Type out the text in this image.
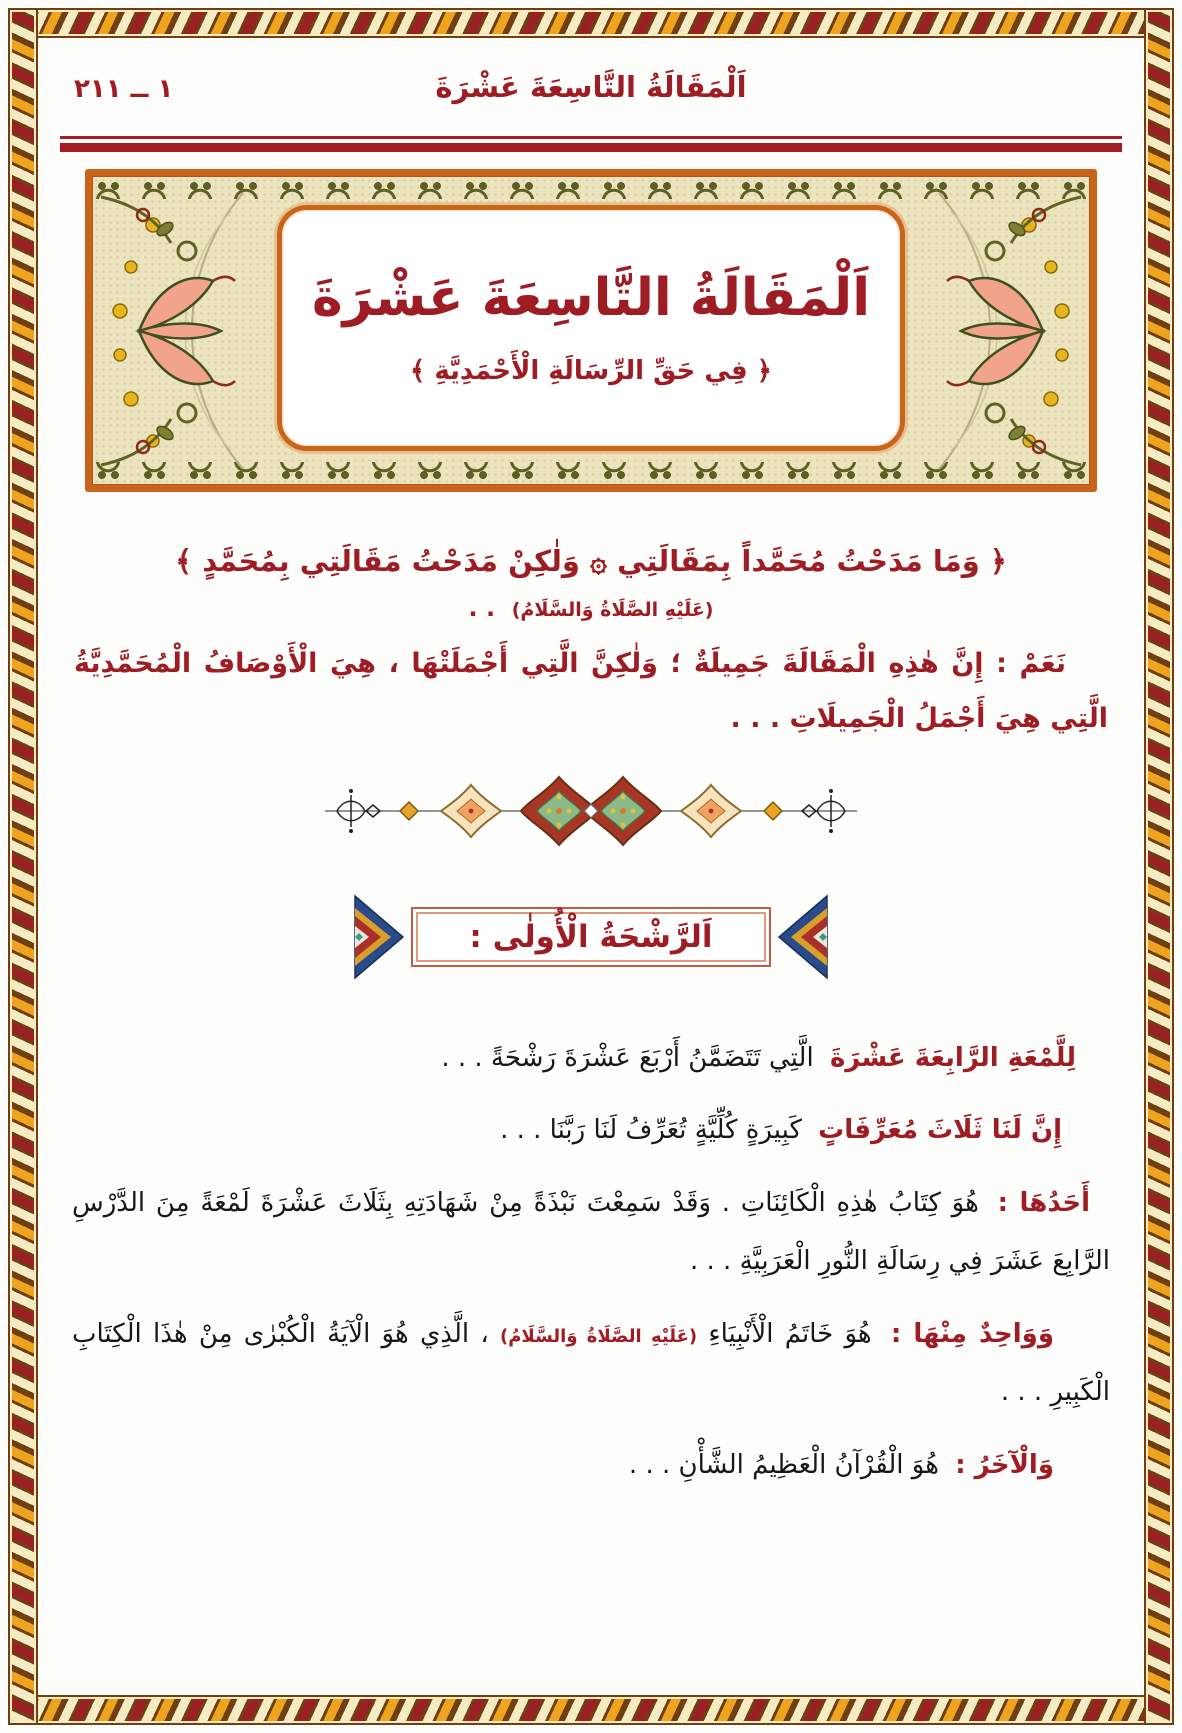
اَلْمَقَالَةُ التَّاسِعَةَ عَشْرَةَ
١ ــ ٢١١
اَلْمَقَالَةُ التَّاسِعَةَ عَشْرَةَ
﴿ فِي حَقِّ الرِّسَالَةِ الْأَحْمَدِيَّةِ ﴾
﴿ وَمَا مَدَحْتُ مُحَمَّداً بِمَقَالَتِي ۞ وَلٰكِنْ مَدَحْتُ مَقَالَتِي بِمُحَمَّدٍ ﴾
(عَلَيْهِ الصَّلَاةُ وَالسَّلَامُ) . .
نَعَمْ : إِنَّ هٰذِهِ الْمَقَالَةَ جَمِيلَةٌ ؛ وَلٰكِنَّ الَّتِي أَجْمَلَتْهَا ، هِيَ الْأَوْصَافُ الْمُحَمَّدِيَّةُ الَّتِي هِيَ أَجْمَلُ الْجَمِيلَاتِ . . .
اَلرَّشْحَةُ الْأُولٰى :

لِلَّمْعَةِ الرَّابِعَةَ عَشْرَةَ الَّتِي تَتَضَمَّنُ أَرْبَعَ عَشْرَةَ رَشْحَةً . . .

إِنَّ لَنَا ثَلَاثَ مُعَرِّفَاتٍ كَبِيرَةٍ كُلِّيَّةٍ تُعَرِّفُ لَنَا رَبَّنَا . . .

أَحَدُهَا : هُوَ كِتَابُ هٰذِهِ الْكَائِنَاتِ . وَقَدْ سَمِعْتَ نَبْذَةً مِنْ شَهَادَتِهِ بِثَلَاثَ عَشْرَةَ لَمْعَةً مِنَ الدَّرْسِ الرَّابِعَ عَشَرَ فِي رِسَالَةِ النُّورِ الْعَرَبِيَّةِ . . .

وَوَاحِدٌ مِنْهَا : هُوَ خَاتَمُ الْأَنْبِيَاءِ (عَلَيْهِ الصَّلَاةُ وَالسَّلَامُ) ، الَّذِي هُوَ الْآيَةُ الْكُبْرٰى مِنْ هٰذَا الْكِتَابِ الْكَبِيرِ . . .

وَالْآخَرُ : هُوَ الْقُرْآنُ الْعَظِيمُ الشَّأْنِ . . .
